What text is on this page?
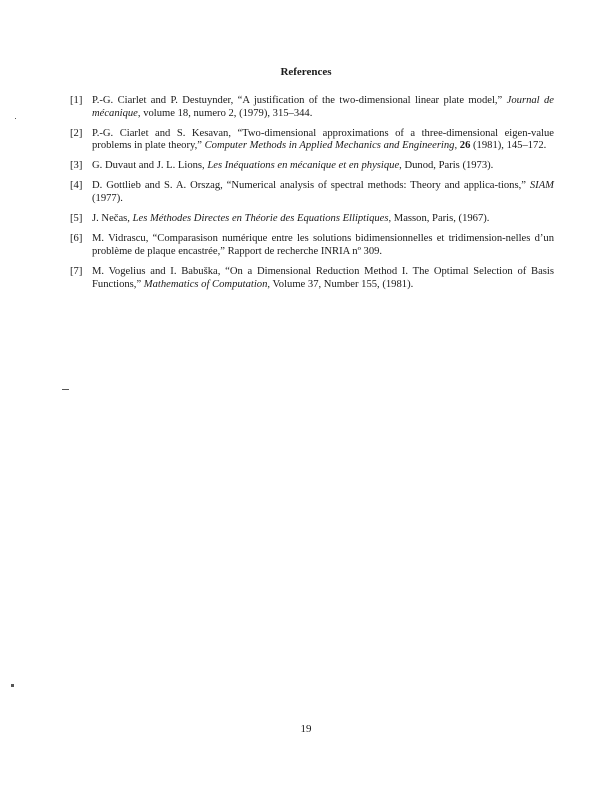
References
[1] P.-G. Ciarlet and P. Destuynder, “A justification of the two-dimensional linear plate model,” Journal de mécanique, volume 18, numero 2, (1979), 315–344.
[2] P.-G. Ciarlet and S. Kesavan, “Two-dimensional approximations of a three-dimensional eigen-value problems in plate theory,” Computer Methods in Applied Mechanics and Engineering, 26 (1981), 145–172.
[3] G. Duvaut and J. L. Lions, Les Inéquations en mécanique et en physique, Dunod, Paris (1973).
[4] D. Gottlieb and S. A. Orszag, “Numerical analysis of spectral methods: Theory and applica-tions,” SIAM (1977).
[5] J. Nečas, Les Méthodes Directes en Théorie des Equations Elliptiques, Masson, Paris, (1967).
[6] M. Vidrascu, “Comparasison numérique entre les solutions bidimensionnelles et tridimension-nelles d’un problème de plaque encastrée,” Rapport de recherche INRIA nº 309.
[7] M. Vogelius and I. Babuška, “On a Dimensional Reduction Method I. The Optimal Selection of Basis Functions,” Mathematics of Computation, Volume 37, Number 155, (1981).
19
